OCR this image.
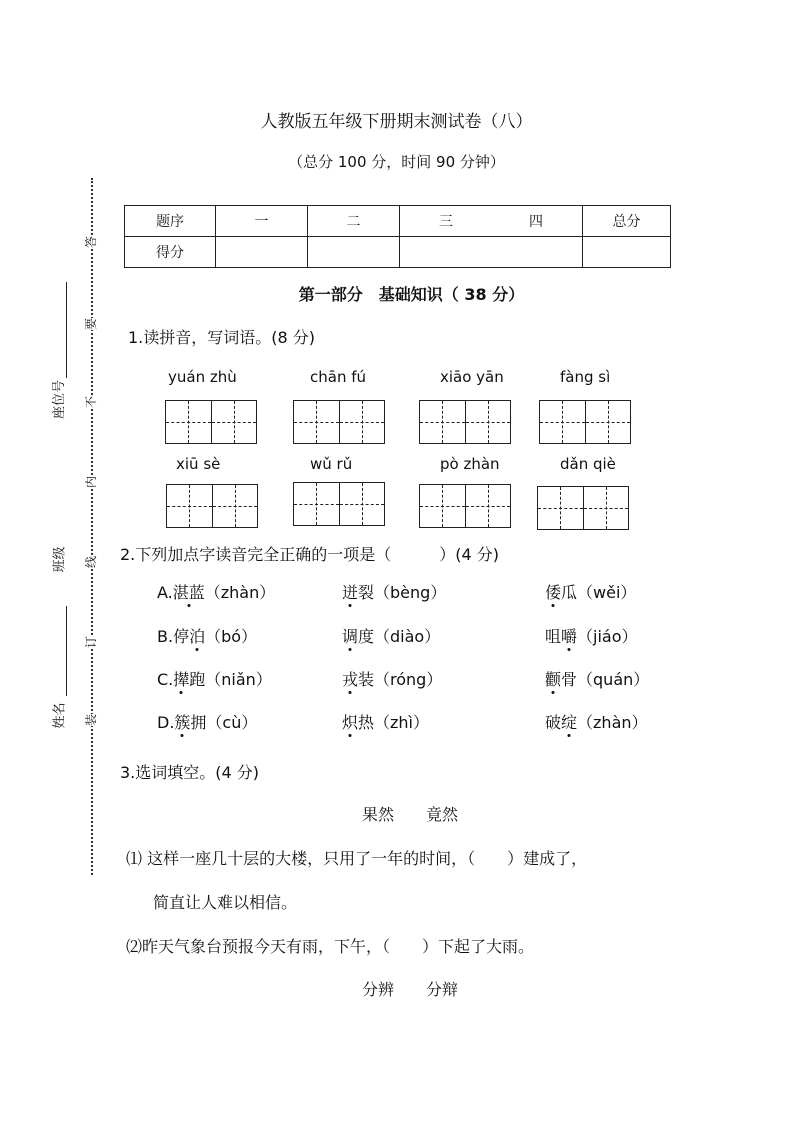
人教版五年级下册期末测试卷（八）
（总分 100 分，时间 90 分钟）
答
要
不
内
线
订
装
座位号
班级
姓名
题序	一	二	三 四	总分
得分				
第一部分　基础知识（ 38 分）
1.读拼音，写词语。(8 分)
yuán zhù	chān fú	xiāo yān	fàng sì
xiū sè	wǔ rǔ	pò zhàn	dǎn qiè
2.下列加点字读音完全正确的一项是（　　　）(4 分)
A.湛蓝（zhàn）	迸裂（bèng）	倭瓜（wěi）
B.停泊（bó）	调度（diào）	咀嚼（jiáo）
C.撵跑（niǎn）	戎装（róng）	颧骨（quán）
D.簇拥（cù）	炽热（zhì）	破绽（zhàn）
3.选词填空。(4 分)
果然　　竟然
⑴ 这样一座几十层的大楼，只用了一年的时间，（　　）建成了，
简直让人难以相信。
⑵昨天气象台预报今天有雨，下午，（　　）下起了大雨。
分辨　　分辩
